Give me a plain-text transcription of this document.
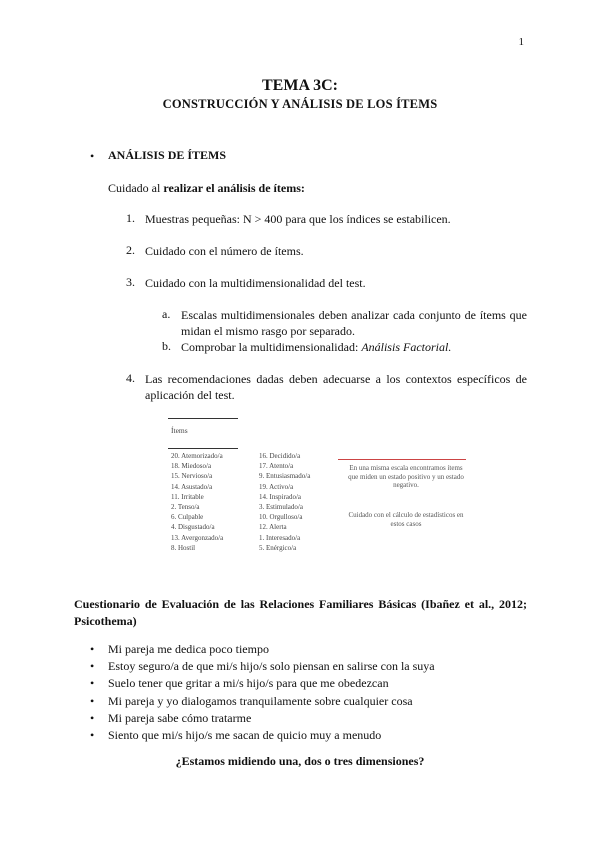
1
TEMA 3C:
CONSTRUCCIÓN Y ANÁLISIS DE LOS ÍTEMS
• ANÁLISIS DE ÍTEMS
Cuidado al realizar el análisis de ítems:
1. Muestras pequeñas: N > 400 para que los índices se estabilicen.
2. Cuidado con el número de ítems.
3. Cuidado con la multidimensionalidad del test.
a. Escalas multidimensionales deben analizar cada conjunto de ítems que midan el mismo rasgo por separado.
b. Comprobar la multidimensionalidad: Análisis Factorial.
4. Las recomendaciones dadas deben adecuarse a los contextos específicos de aplicación del test.
Ítems
20. Atemorizado/a
18. Miedoso/a
15. Nervioso/a
14. Asustado/a
11. Irritable
2. Tenso/a
6. Culpable
4. Disgustado/a
13. Avergonzado/a
8. Hostil
16. Decidido/a
17. Atento/a
9. Entusiasmado/a
19. Activo/a
14. Inspirado/a
3. Estimulado/a
10. Orgulloso/a
12. Alerta
1. Interesado/a
5. Enérgico/a
En una misma escala encontramos ítems que miden un estado positivo y un estado negativo.
Cuidado con el cálculo de estadísticos en estos casos
Cuestionario de Evaluación de las Relaciones Familiares Básicas (Ibañez et al., 2012; Psicothema)
• Mi pareja me dedica poco tiempo
• Estoy seguro/a de que mi/s hijo/s solo piensan en salirse con la suya
• Suelo tener que gritar a mi/s hijo/s para que me obedezcan
• Mi pareja y yo dialogamos tranquilamente sobre cualquier cosa
• Mi pareja sabe cómo tratarme
• Siento que mi/s hijo/s me sacan de quicio muy a menudo
¿Estamos midiendo una, dos o tres dimensiones?
